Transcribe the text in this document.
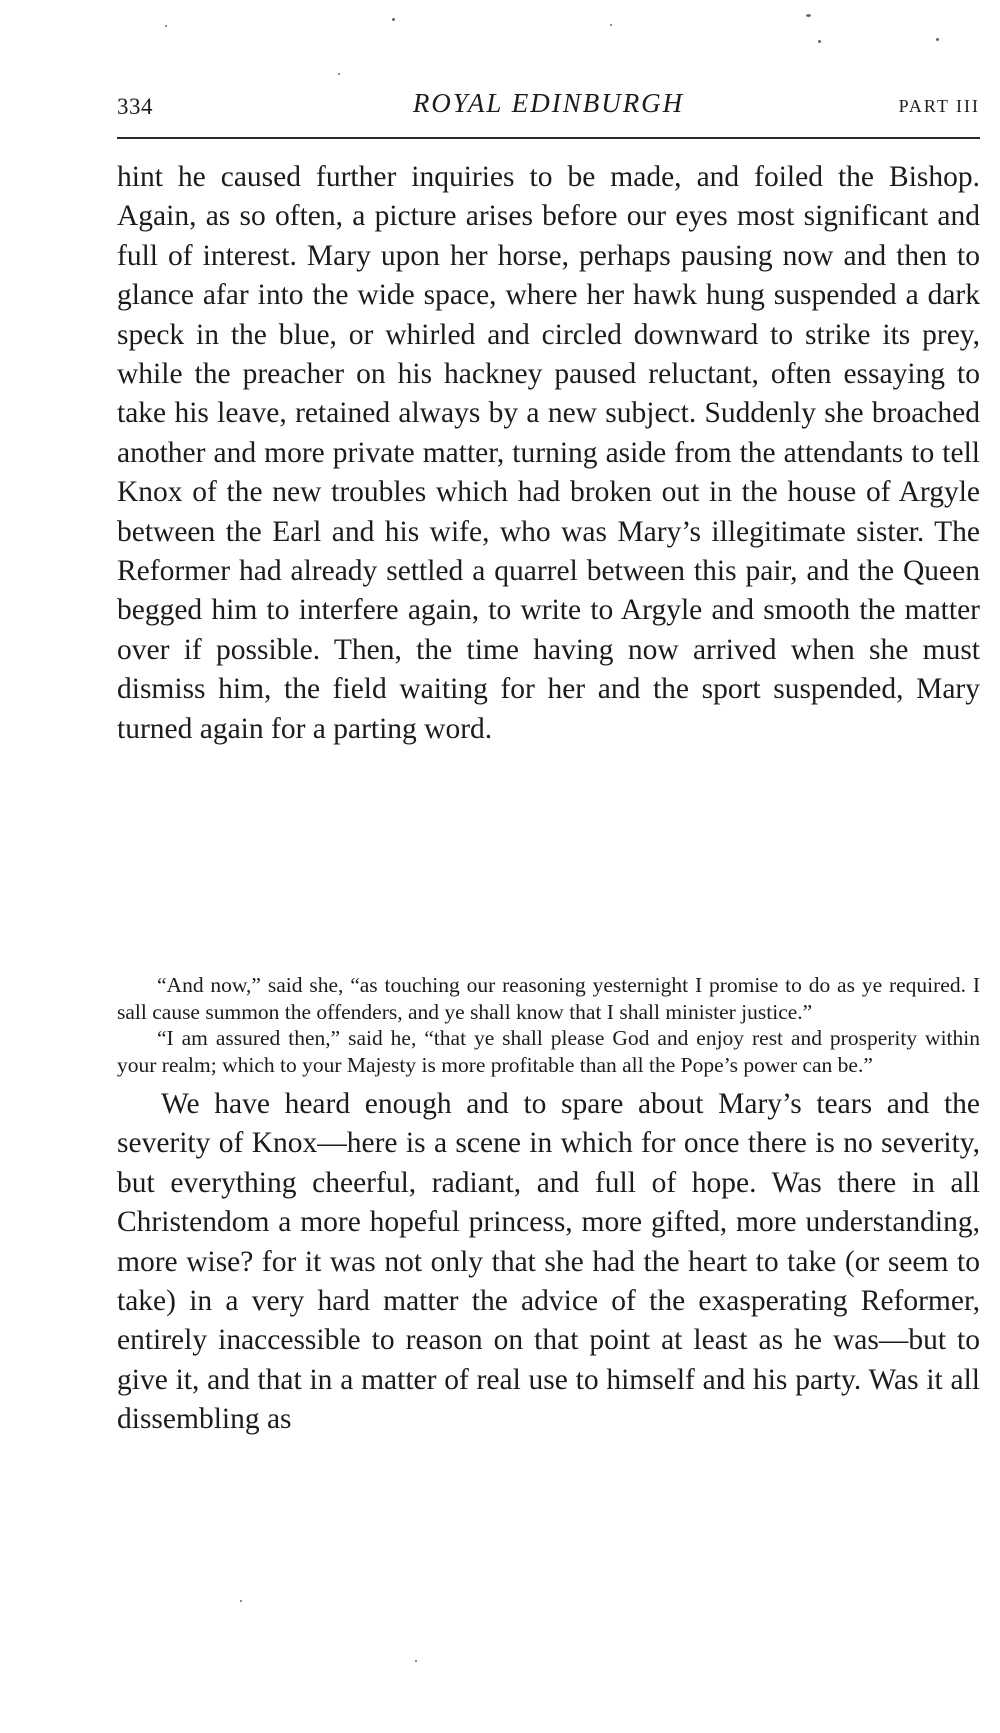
334	ROYAL EDINBURGH	PART III

hint he caused further inquiries to be made, and foiled the Bishop. Again, as so often, a picture arises before our eyes most significant and full of interest. Mary upon her horse, perhaps pausing now and then to glance afar into the wide space, where her hawk hung suspended a dark speck in the blue, or whirled and circled downward to strike its prey, while the preacher on his hackney paused reluctant, often essaying to take his leave, retained always by a new subject. Suddenly she broached another and more private matter, turning aside from the attendants to tell Knox of the new troubles which had broken out in the house of Argyle between the Earl and his wife, who was Mary’s illegitimate sister. The Reformer had already settled a quarrel between this pair, and the Queen begged him to interfere again, to write to Argyle and smooth the matter over if possible. Then, the time having now arrived when she must dismiss him, the field waiting for her and the sport suspended, Mary turned again for a parting word.

“And now,” said she, “as touching our reasoning yesternight I promise to do as ye required. I sall cause summon the offenders, and ye shall know that I shall minister justice.”

“I am assured then,” said he, “that ye shall please God and enjoy rest and prosperity within your realm; which to your Majesty is more profitable than all the Pope’s power can be.”

We have heard enough and to spare about Mary’s tears and the severity of Knox—here is a scene in which for once there is no severity, but everything cheerful, radiant, and full of hope. Was there in all Christendom a more hopeful princess, more gifted, more understanding, more wise? for it was not only that she had the heart to take (or seem to take) in a very hard matter the advice of the exasperating Reformer, entirely inaccessible to reason on that point at least as he was—but to give it, and that in a matter of real use to himself and his party. Was it all dissembling as
